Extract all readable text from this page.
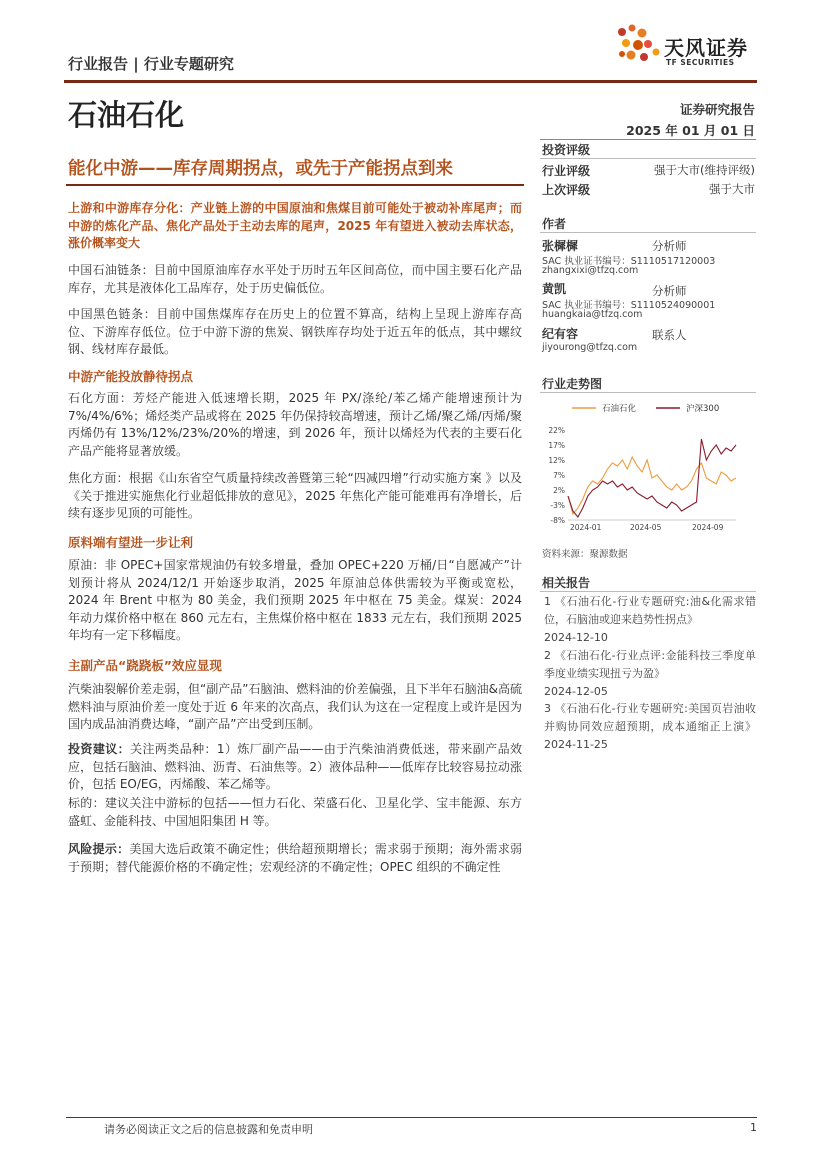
行业报告 | 行业专题研究
天风证券
TF SECURITIES
石油石化	证券研究报告
2025 年 01 月 01 日
能化中游——库存周期拐点，或先于产能拐点到来
上游和中游库存分化：产业链上游的中国原油和焦煤目前可能处于被动补库尾声；而中游的炼化产品、焦化产品处于主动去库的尾声，2025 年有望进入被动去库状态，涨价概率变大
中国石油链条：目前中国原油库存水平处于历时五年区间高位，而中国主要石化产品库存，尤其是液体化工品库存，处于历史偏低位。
中国黑色链条：目前中国焦煤库存在历史上的位置不算高，结构上呈现上游库存高位、下游库存低位。位于中游下游的焦炭、钢铁库存均处于近五年的低点，其中螺纹钢、线材库存最低。
中游产能投放静待拐点
石化方面：芳烃产能进入低速增长期，2025 年 PX/涤纶/苯乙烯产能增速预计为 7%/4%/6%；烯烃类产品或将在 2025 年仍保持较高增速，预计乙烯/聚乙烯/丙烯/聚丙烯仍有 13%/12%/23%/20%的增速，到 2026 年，预计以烯烃为代表的主要石化产品产能将显著放缓。
焦化方面：根据《山东省空气质量持续改善暨第三轮“四减四增”行动实施方案 》以及《关于推进实施焦化行业超低排放的意见》，2025 年焦化产能可能难再有净增长，后续有逐步见顶的可能性。
原料端有望进一步让利
原油：非 OPEC+国家常规油仍有较多增量，叠加 OPEC+220 万桶/日“自愿减产”计划预计将从 2024/12/1 开始逐步取消，2025 年原油总体供需较为平衡或宽松，2024 年 Brent 中枢为 80 美金，我们预期 2025 年中枢在 75 美金。煤炭：2024 年动力煤价格中枢在 860 元左右，主焦煤价格中枢在 1833 元左右，我们预期 2025 年均有一定下移幅度。
主副产品“跷跷板”效应显现
汽柴油裂解价差走弱，但“副产品”石脑油、燃料油的价差偏强，且下半年石脑油&高硫燃料油与原油价差一度处于近 6 年来的次高点，我们认为这在一定程度上或许是因为国内成品油消费达峰，“副产品”产出受到压制。
投资建议：关注两类品种：1）炼厂副产品——由于汽柴油消费低迷，带来副产品效应，包括石脑油、燃料油、沥青、石油焦等。2）液体品种——低库存比较容易拉动涨价，包括 EO/EG，丙烯酸、苯乙烯等。
标的：建议关注中游标的包括——恒力石化、荣盛石化、卫星化学、宝丰能源、东方盛虹、金能科技、中国旭阳集团 H 等。
风险提示：美国大选后政策不确定性；供给超预期增长；需求弱于预期；海外需求弱于预期；替代能源价格的不确定性；宏观经济的不确定性；OPEC 组织的不确定性
投资评级
行业评级	强于大市(维持评级)
上次评级	强于大市
作者
张樨樨	分析师
SAC 执业证书编号：S1110517120003
zhangxixi@tfzq.com
黄凯	分析师
SAC 执业证书编号：S1110524090001
huangkaia@tfzq.com
纪有容	联系人
jiyourong@tfzq.com
行业走势图
石油石化	沪深300
22%
17%
12%
7%
2%
-3%
-8%
2024-01	2024-05	2024-09
资料来源：聚源数据
相关报告
1 《石油石化-行业专题研究:油&化需求错位，石脑油或迎来趋势性拐点》
2024-12-10
2 《石油石化-行业点评:金能科技三季度单季度业绩实现扭亏为盈》
2024-12-05
3 《石油石化-行业专题研究:美国页岩油收并购协同效应超预期，成本通缩正上演》 2024-11-25
请务必阅读正文之后的信息披露和免责申明	1
